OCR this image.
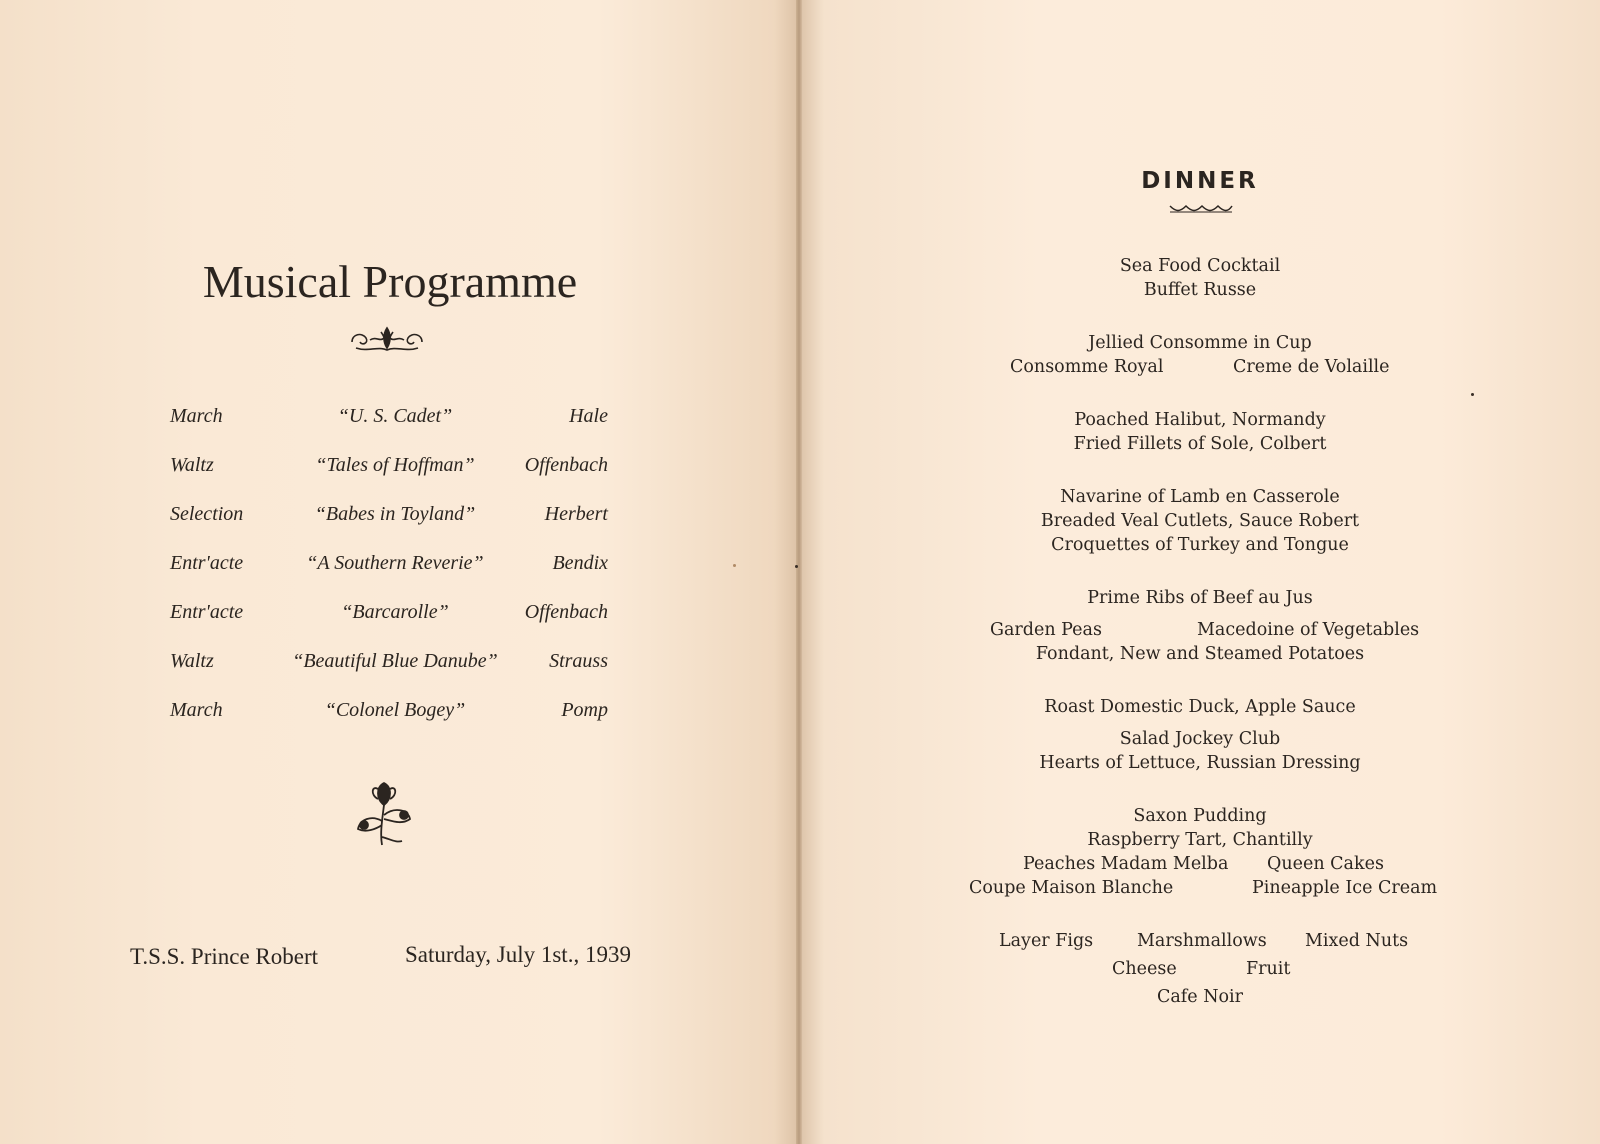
Musical Programme
March	“U. S. Cadet”	Hale
Waltz	“Tales of Hoffman”	Offenbach
Selection	“Babes in Toyland”	Herbert
Entr'acte	“A Southern Reverie”	Bendix
Entr'acte	“Barcarolle”	Offenbach
Waltz	“Beautiful Blue Danube”	Strauss
March	“Colonel Bogey”	Pomp
T.S.S. Prince Robert	Saturday, July 1st., 1939
DINNER
Sea Food Cocktail
Buffet Russe
Jellied Consomme in Cup
Consomme Royal	Creme de Volaille
Poached Halibut, Normandy
Fried Fillets of Sole, Colbert
Navarine of Lamb en Casserole
Breaded Veal Cutlets, Sauce Robert
Croquettes of Turkey and Tongue
Prime Ribs of Beef au Jus
Garden Peas	Macedoine of Vegetables
Fondant, New and Steamed Potatoes
Roast Domestic Duck, Apple Sauce
Salad Jockey Club
Hearts of Lettuce, Russian Dressing
Saxon Pudding
Raspberry Tart, Chantilly
Peaches Madam Melba Queen Cakes
Coupe Maison Blanche	Pineapple Ice Cream
Layer Figs	Marshmallows Mixed Nuts
Cheese	Fruit
Cafe Noir
